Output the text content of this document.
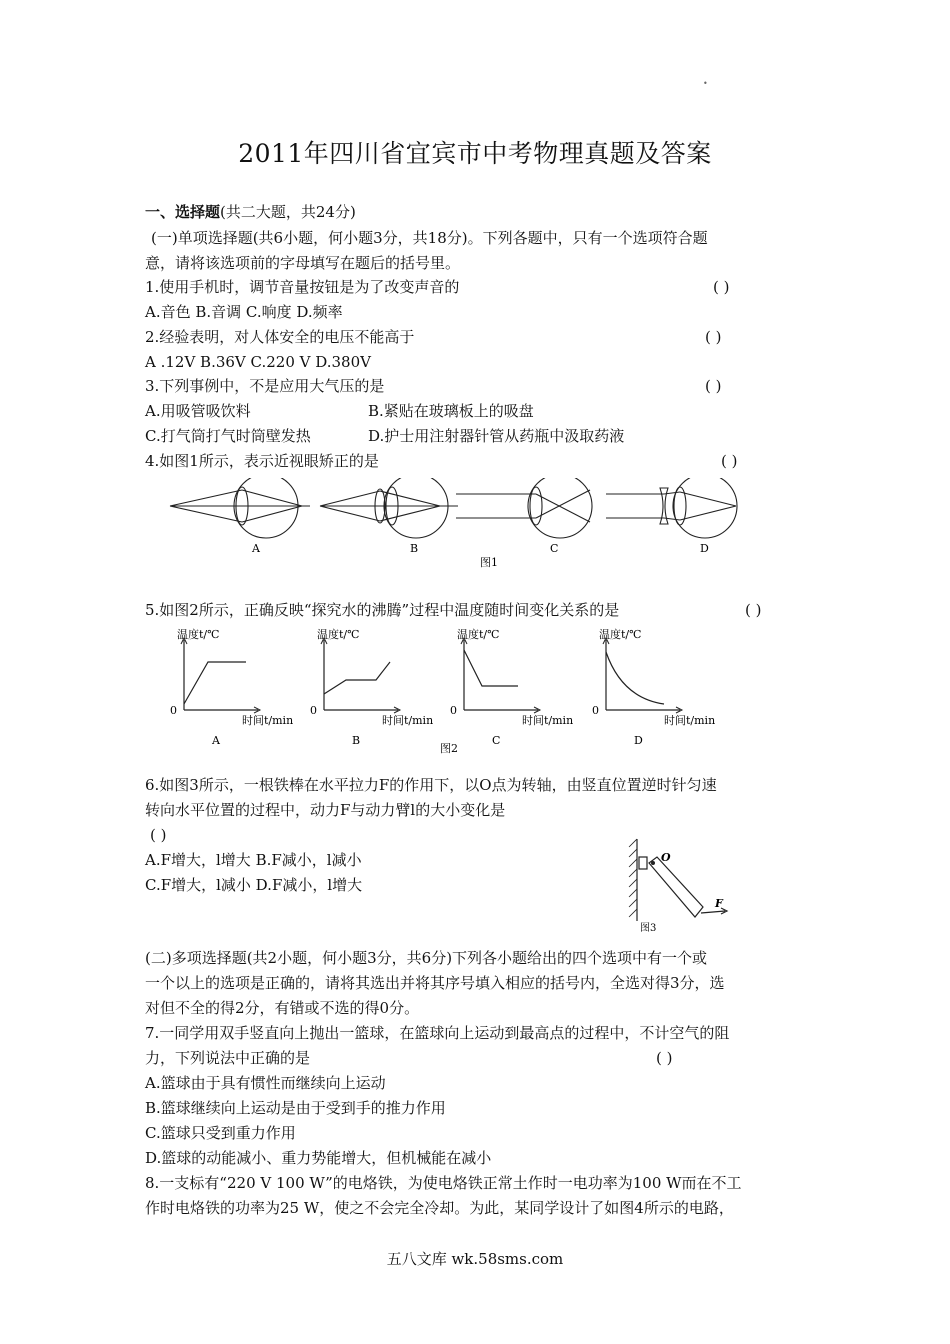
•
2011年四川省宜宾市中考物理真题及答案
一、选择题(共二大题，共24分)
(一)单项选择题(共6小题，何小题3分，共18分)。下列各题中，只有一个选项符合题
意，请将该选项前的字母填写在题后的括号里。
1.使用手机时，调节音量按钮是为了改变声音的	( )
A.音色 B.音调 C.响度 D.频率
2.经验表明，对人体安全的电压不能高于	( )
A .12V B.36V C.220 V D.380V
3.下列事例中，不是应用大气压的是	( )
A.用吸管吸饮料	B.紧贴在玻璃板上的吸盘
C.打气筒打气时筒壁发热	D.护士用注射器针管从药瓶中汲取药液
4.如图1所示，表示近视眼矫正的是	( )
A	B	C	D
图1
5.如图2所示，正确反映“探究水的沸腾”过程中温度随时间变化关系的是	( )
温度t/℃
时间t/min
0
A
温度t/℃
时间t/min
0
B
温度t/℃
时间t/min
0
C
温度t/℃
时间t/min
0
D
图2
6.如图3所示，一根铁棒在水平拉力F的作用下，以O点为转轴，由竖直位置逆时针匀速
转向水平位置的过程中，动力F与动力臂l的大小变化是
( )
A.F增大，l增大 B.F减小，l减小
C.F增大，l减小 D.F减小，l增大
O
F
图3
(二)多项选择题(共2小题，何小题3分，共6分)下列各小题给出的四个选项中有一个或
一个以上的选项是正确的，请将其选出并将其序号填入相应的括号内，全选对得3分，选
对但不全的得2分，有错或不选的得0分。
7.一同学用双手竖直向上抛出一篮球，在篮球向上运动到最高点的过程中，不计空气的阻
力，下列说法中正确的是	( )
A.篮球由于具有惯性而继续向上运动
B.篮球继续向上运动是由于受到手的推力作用
C.篮球只受到重力作用
D.篮球的动能减小、重力势能增大，但机械能在减小
8.一支标有“220 V 100 W”的电烙铁，为使电烙铁正常土作时一电功率为100 W而在不工
作时电烙铁的功率为25 W，使之不会完全冷却。为此，某同学设计了如图4所示的电路，
五八文库 wk.58sms.com
